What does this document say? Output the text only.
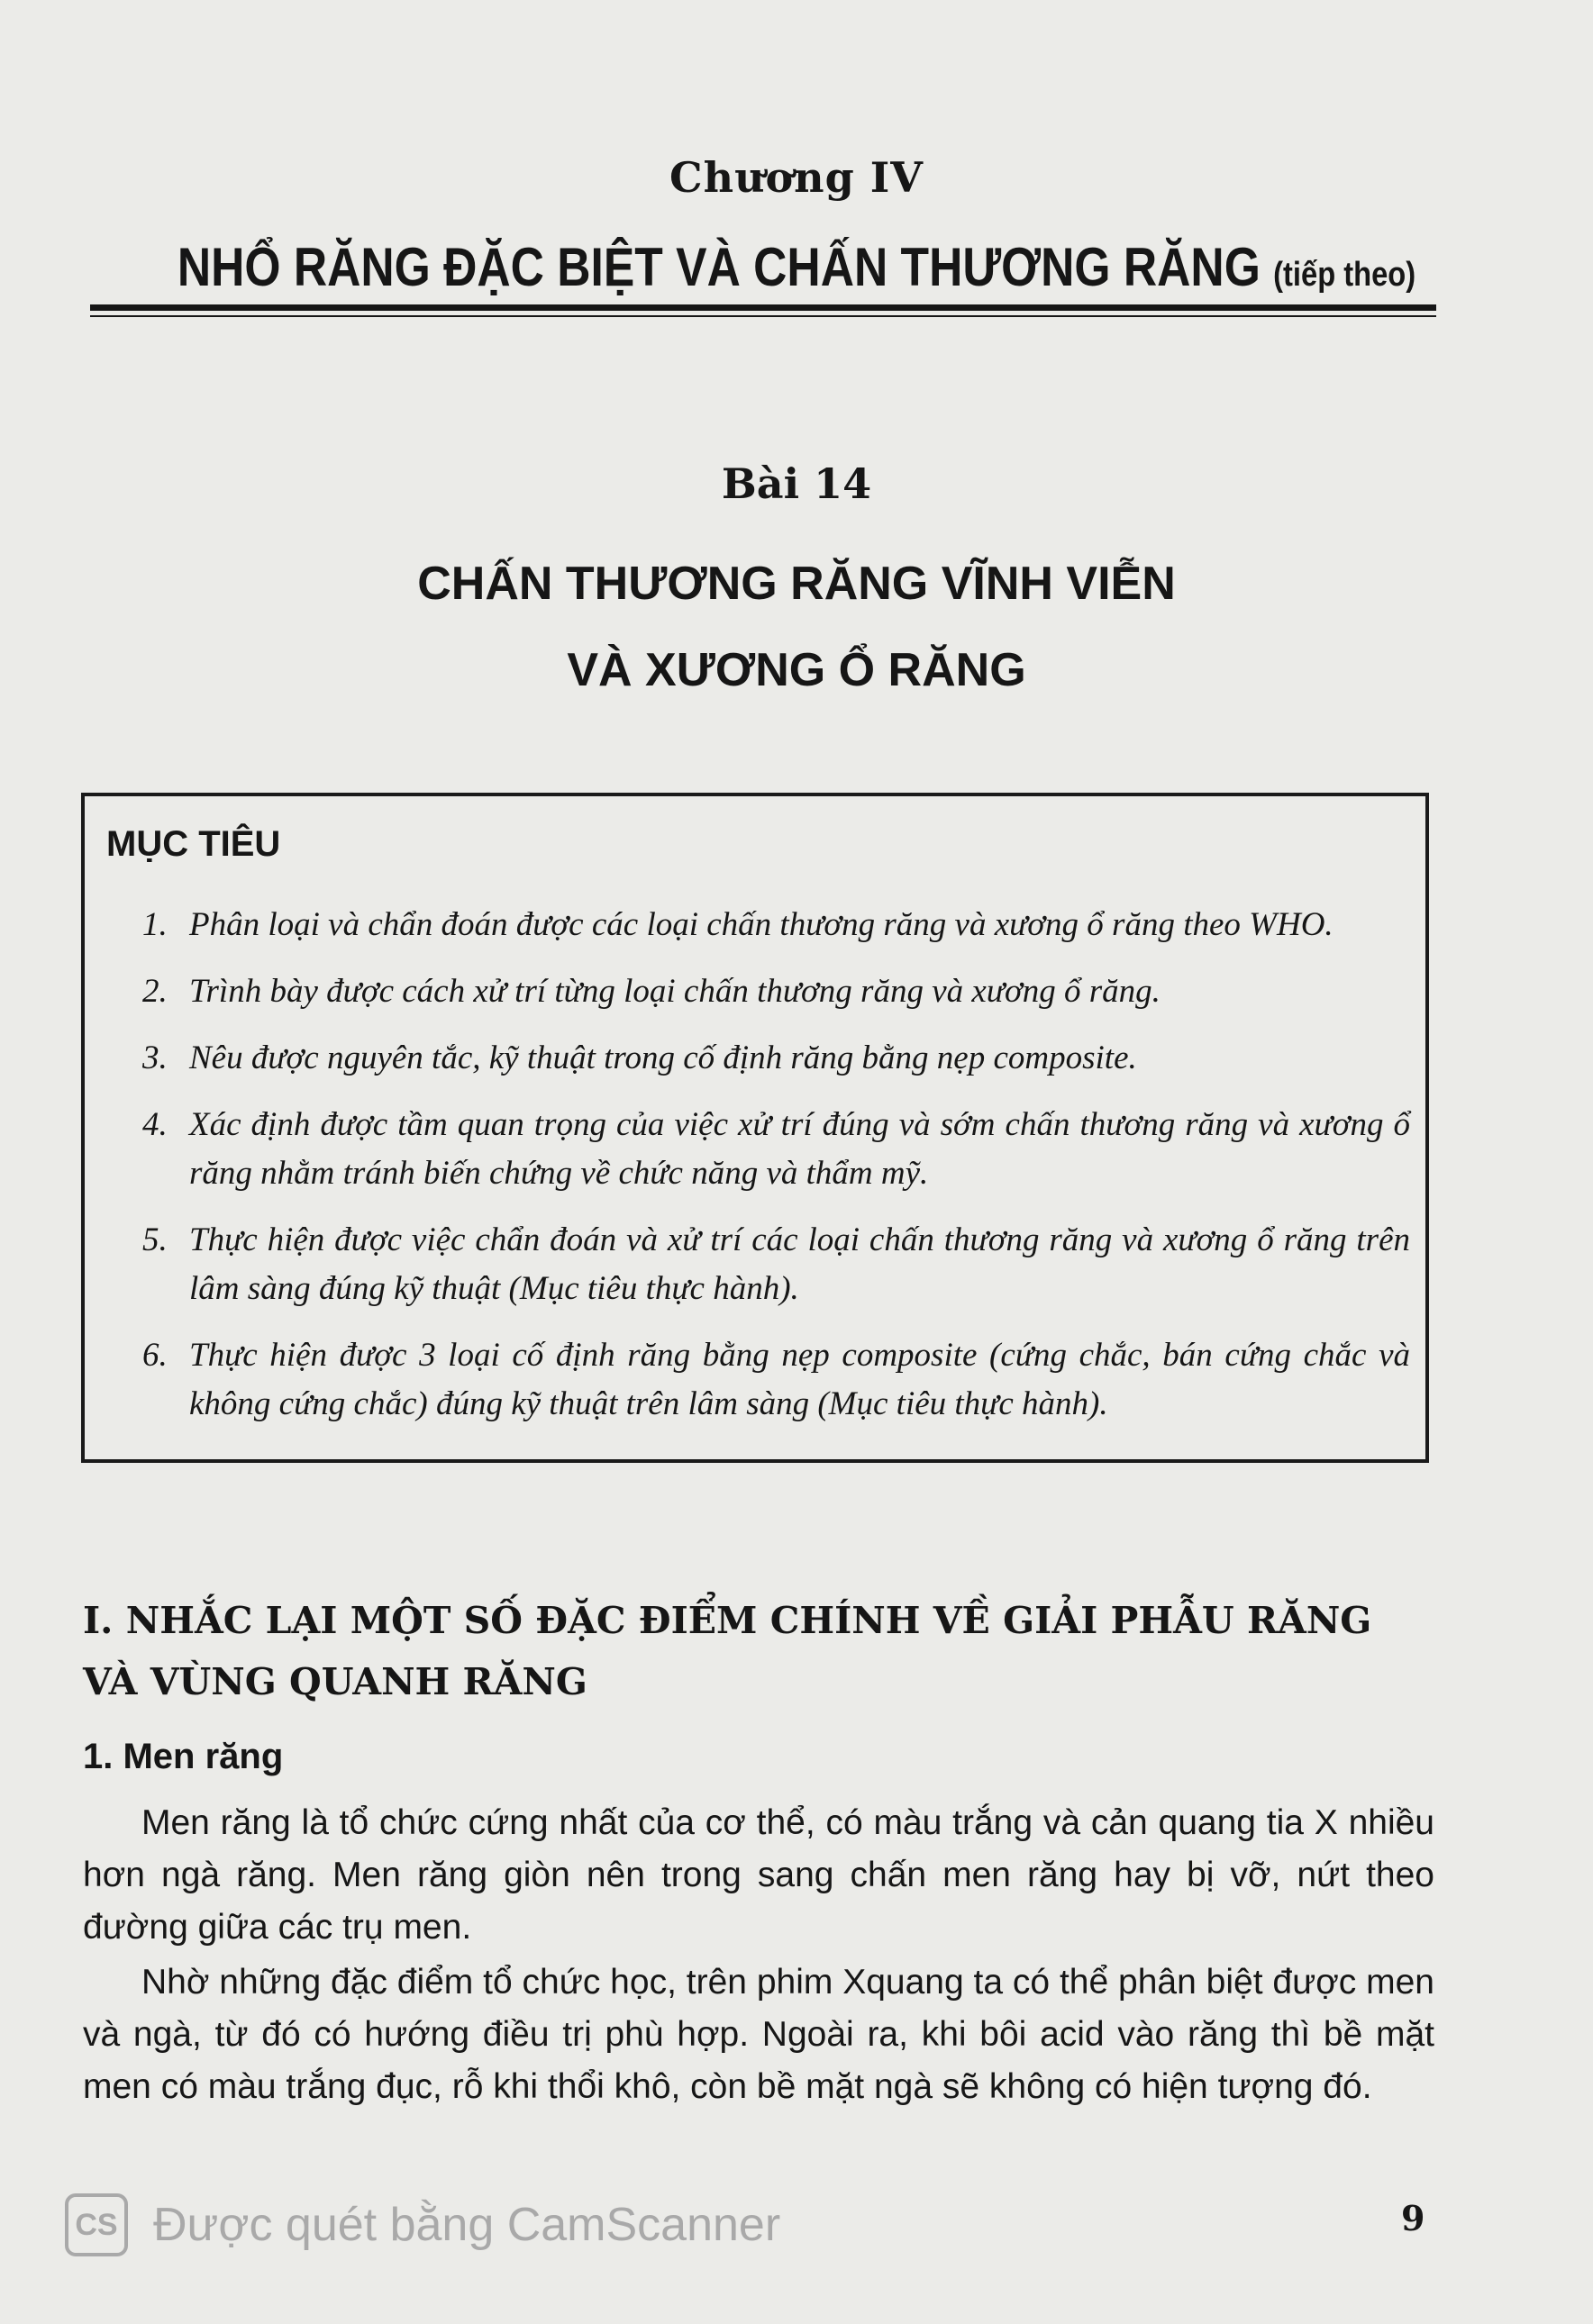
Chương IV
NHỔ RĂNG ĐẶC BIỆT VÀ CHẤN THƯƠNG RĂNG (tiếp theo)
Bài 14
CHẤN THƯƠNG RĂNG VĨNH VIỄN
VÀ XƯƠNG Ổ RĂNG
MỤC TIÊU
1. Phân loại và chẩn đoán được các loại chấn thương răng và xương ổ răng theo WHO.
2. Trình bày được cách xử trí từng loại chấn thương răng và xương ổ răng.
3. Nêu được nguyên tắc, kỹ thuật trong cố định răng bằng nẹp composite.
4. Xác định được tầm quan trọng của việc xử trí đúng và sớm chấn thương răng và xương ổ răng nhằm tránh biến chứng về chức năng và thẩm mỹ.
5. Thực hiện được việc chẩn đoán và xử trí các loại chấn thương răng và xương ổ răng trên lâm sàng đúng kỹ thuật (Mục tiêu thực hành).
6. Thực hiện được 3 loại cố định răng bằng nẹp composite (cứng chắc, bán cứng chắc và không cứng chắc) đúng kỹ thuật trên lâm sàng (Mục tiêu thực hành).
I. NHẮC LẠI MỘT SỐ ĐẶC ĐIỂM CHÍNH VỀ GIẢI PHẪU RĂNG VÀ VÙNG QUANH RĂNG
1. Men răng
Men răng là tổ chức cứng nhất của cơ thể, có màu trắng và cản quang tia X nhiều hơn ngà răng. Men răng giòn nên trong sang chấn men răng hay bị vỡ, nứt theo đường giữa các trụ men.
Nhờ những đặc điểm tổ chức học, trên phim Xquang ta có thể phân biệt được men và ngà, từ đó có hướng điều trị phù hợp. Ngoài ra, khi bôi acid vào răng thì bề mặt men có màu trắng đục, rỗ khi thổi khô, còn bề mặt ngà sẽ không có hiện tượng đó.
CS Được quét bằng CamScanner	9
